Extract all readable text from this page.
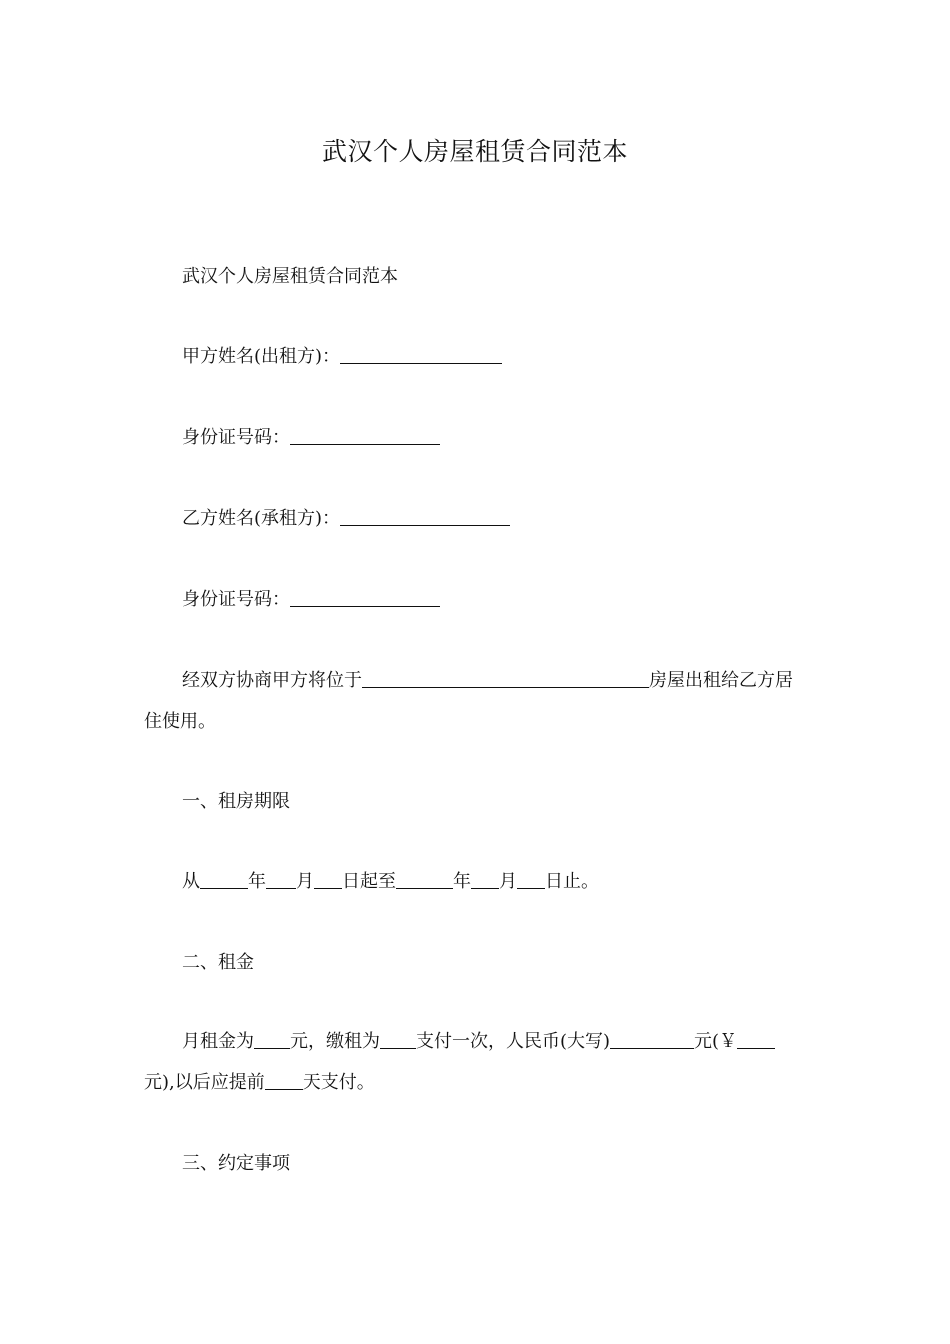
武汉个人房屋租赁合同范本
武汉个人房屋租赁合同范本
甲方姓名(出租方)：
身份证号码：
乙方姓名(承租方)：
身份证号码：
经双方协商甲方将位于	房屋出租给乙方居住使用。
一、租房期限
从	年 月 日起至	年 月 日止。
二、租金
月租金为 元，缴租为 支付一次，人民币(大写)	元(￥元),以后应提前 天支付。
三、约定事项
